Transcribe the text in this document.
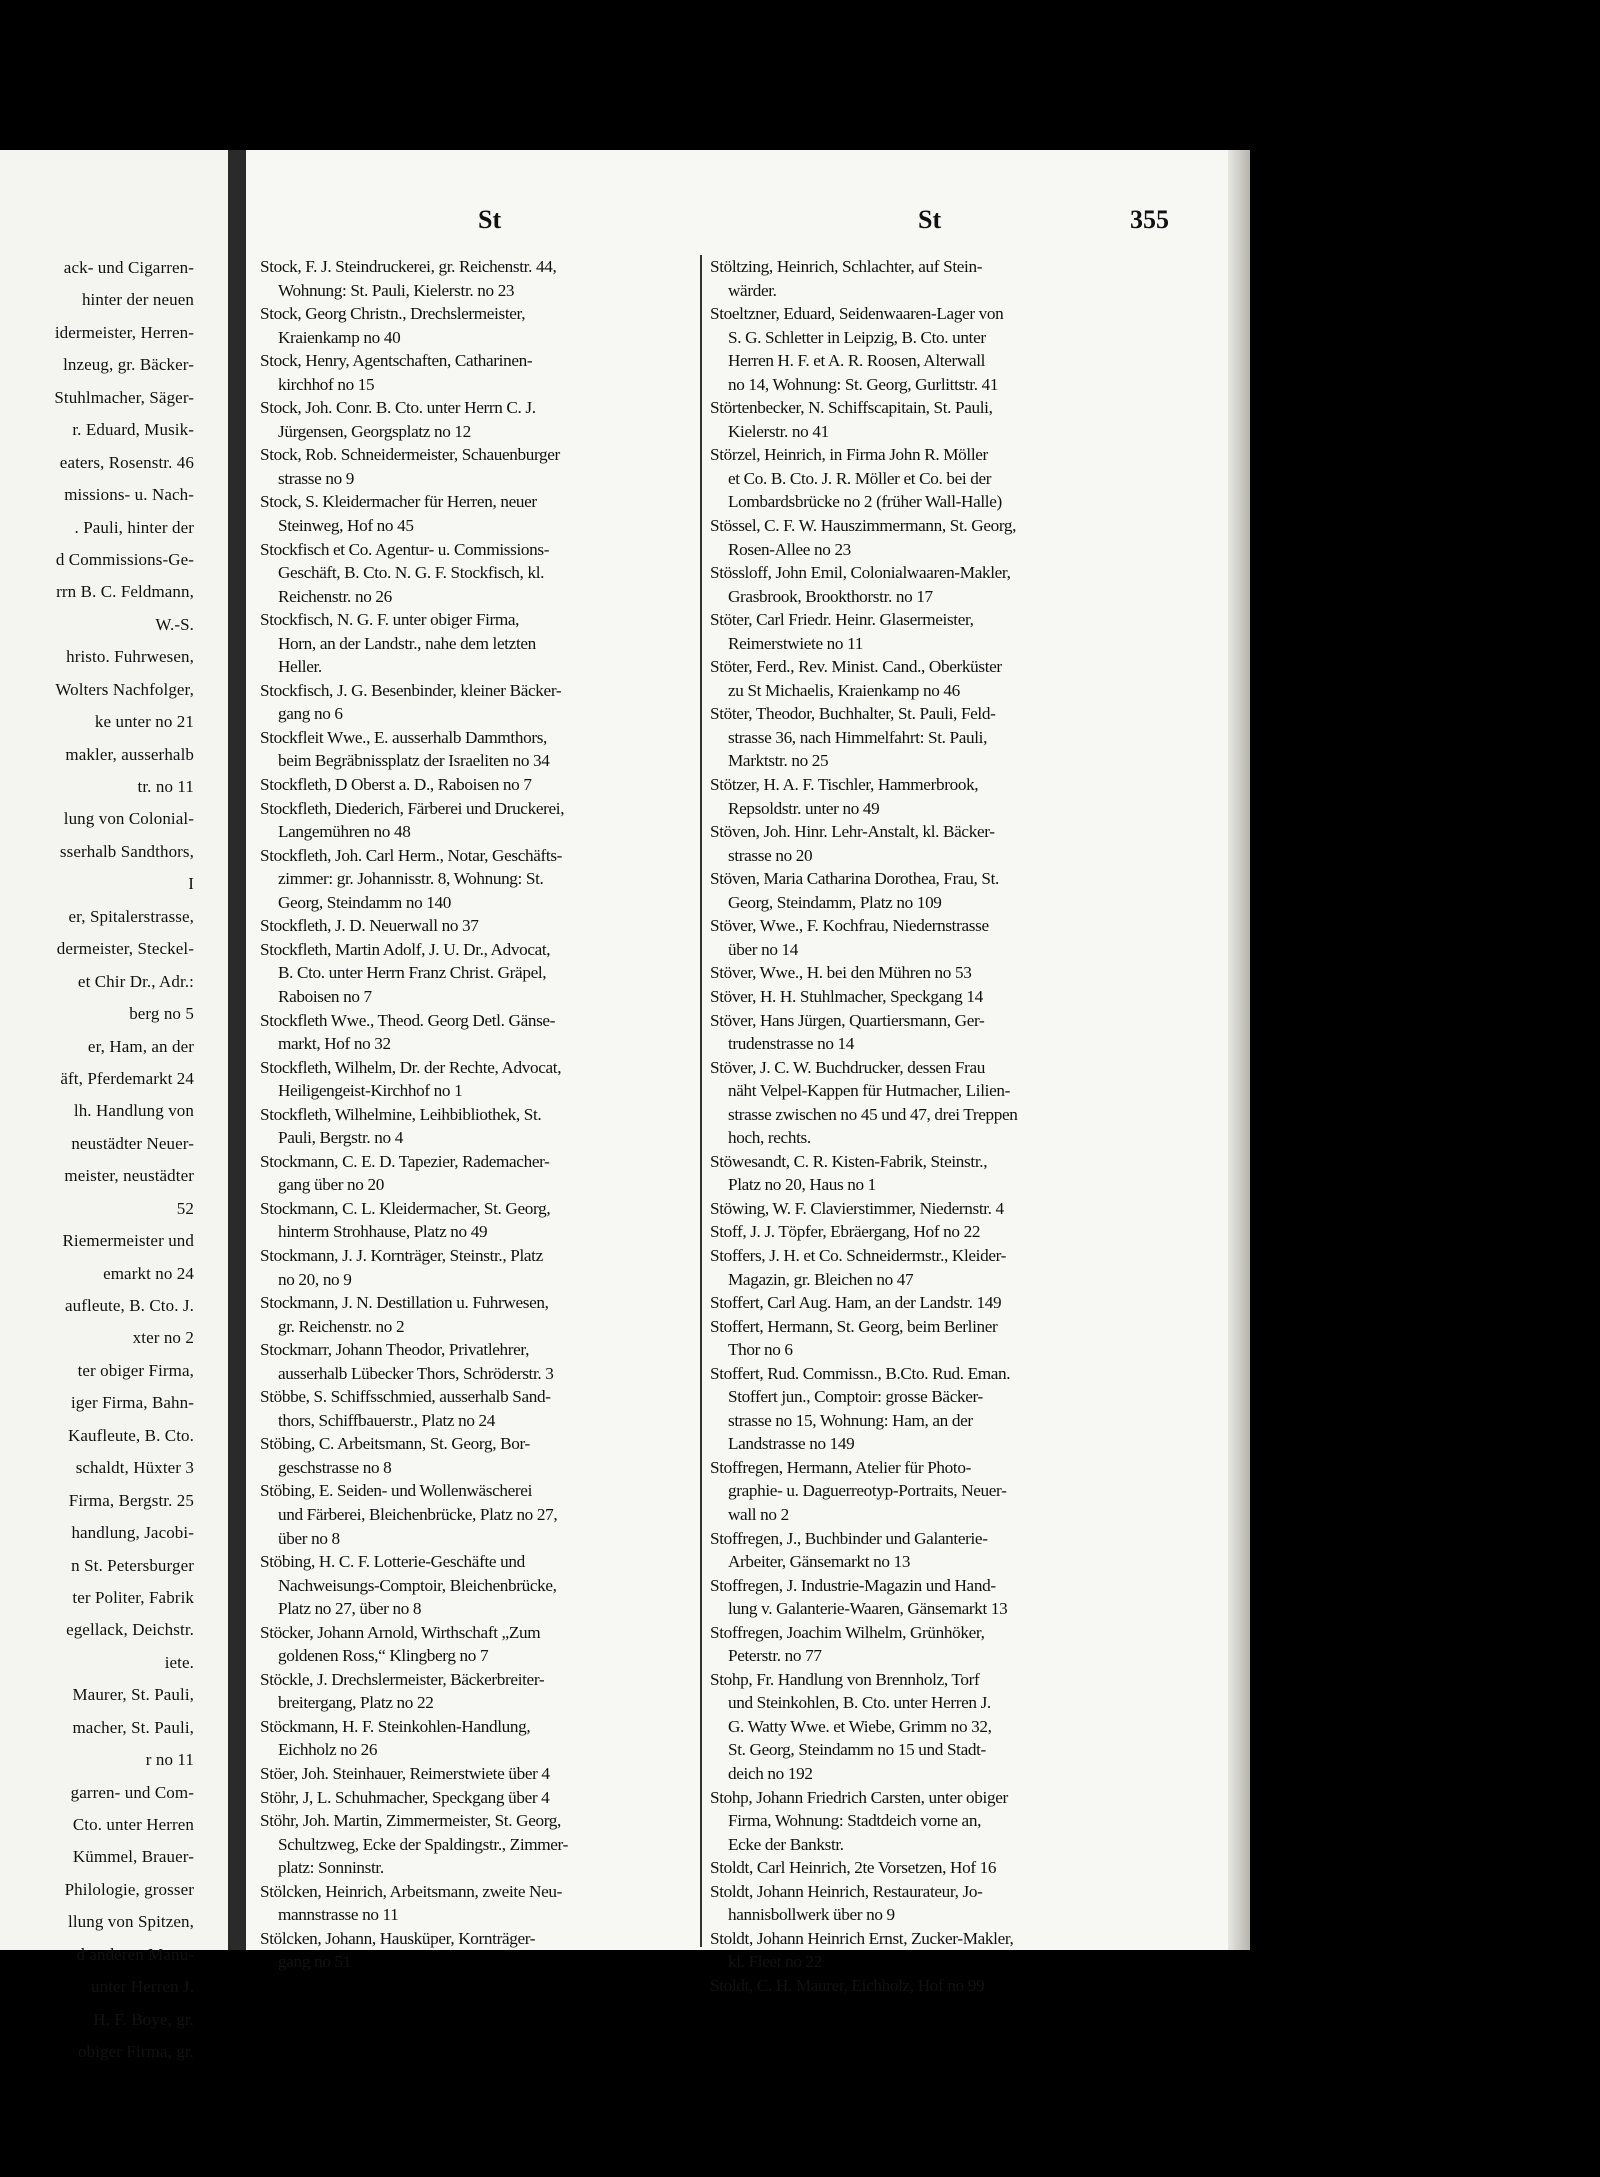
ack- und Cigarren-
hinter der neuen
idermeister, Herren-
lnzeug, gr. Bäcker-
Stuhlmacher, Säger-
r. Eduard, Musik-
eaters, Rosenstr. 46
missions- u. Nach-
. Pauli, hinter der
d Commissions-Ge-
rrn B. C. Feldmann,
W.-S.
hristo. Fuhrwesen,
Wolters Nachfolger,
ke unter no 21
makler, ausserhalb
tr. no 11
lung von Colonial-
sserhalb Sandthors,
I
er, Spitalerstrasse,
dermeister, Steckel-
et Chir Dr., Adr.:
berg no 5
er, Ham, an der
äft, Pferdemarkt 24
lh. Handlung von
neustädter Neuer-
meister, neustädter
52
Riemermeister und
emarkt no 24
aufleute, B. Cto. J.
xter no 2
ter obiger Firma,
iger Firma, Bahn-
Kaufleute, B. Cto.
schaldt, Hüxter 3
Firma, Bergstr. 25
handlung, Jacobi-
n St. Petersburger
ter Politer, Fabrik
egellack, Deichstr.
iete.
Maurer, St. Pauli,
macher, St. Pauli,
r no 11
garren- und Com-
Cto. unter Herren
Kümmel, Brauer-
Philologie, grosser
llung von Spitzen,
d anderen Manu-
unter Herren J.
H. F. Boye, gr.
obiger Firma, gr.
St	St	355
Stock, F. J. Steindruckerei, gr. Reichenstr. 44,
Wohnung: St. Pauli, Kielerstr. no 23
Stock, Georg Christn., Drechslermeister,
Kraienkamp no 40
Stock, Henry, Agentschaften, Catharinen-
kirchhof no 15
Stock, Joh. Conr. B. Cto. unter Herrn C. J.
Jürgensen, Georgsplatz no 12
Stock, Rob. Schneidermeister, Schauenburger
strasse no 9
Stock, S. Kleidermacher für Herren, neuer
Steinweg, Hof no 45
Stockfisch et Co. Agentur- u. Commissions-
Geschäft, B. Cto. N. G. F. Stockfisch, kl.
Reichenstr. no 26
Stockfisch, N. G. F. unter obiger Firma,
Horn, an der Landstr., nahe dem letzten
Heller.
Stockfisch, J. G. Besenbinder, kleiner Bäcker-
gang no 6
Stockfleit Wwe., E. ausserhalb Dammthors,
beim Begräbnissplatz der Israeliten no 34
Stockfleth, D Oberst a. D., Raboisen no 7
Stockfleth, Diederich, Färberei und Druckerei,
Langemühren no 48
Stockfleth, Joh. Carl Herm., Notar, Geschäfts-
zimmer: gr. Johannisstr. 8, Wohnung: St.
Georg, Steindamm no 140
Stockfleth, J. D. Neuerwall no 37
Stockfleth, Martin Adolf, J. U. Dr., Advocat,
B. Cto. unter Herrn Franz Christ. Gräpel,
Raboisen no 7
Stockfleth Wwe., Theod. Georg Detl. Gänse-
markt, Hof no 32
Stockfleth, Wilhelm, Dr. der Rechte, Advocat,
Heiligengeist-Kirchhof no 1
Stockfleth, Wilhelmine, Leihbibliothek, St.
Pauli, Bergstr. no 4
Stockmann, C. E. D. Tapezier, Rademacher-
gang über no 20
Stockmann, C. L. Kleidermacher, St. Georg,
hinterm Strohhause, Platz no 49
Stockmann, J. J. Kornträger, Steinstr., Platz
no 20, no 9
Stockmann, J. N. Destillation u. Fuhrwesen,
gr. Reichenstr. no 2
Stockmarr, Johann Theodor, Privatlehrer,
ausserhalb Lübecker Thors, Schröderstr. 3
Stöbbe, S. Schiffsschmied, ausserhalb Sand-
thors, Schiffbauerstr., Platz no 24
Stöbing, C. Arbeitsmann, St. Georg, Bor-
geschstrasse no 8
Stöbing, E. Seiden- und Wollenwäscherei
und Färberei, Bleichenbrücke, Platz no 27,
über no 8
Stöbing, H. C. F. Lotterie-Geschäfte und
Nachweisungs-Comptoir, Bleichenbrücke,
Platz no 27, über no 8
Stöcker, Johann Arnold, Wirthschaft „Zum
goldenen Ross,“ Klingberg no 7
Stöckle, J. Drechslermeister, Bäckerbreiter-
breitergang, Platz no 22
Stöckmann, H. F. Steinkohlen-Handlung,
Eichholz no 26
Stöer, Joh. Steinhauer, Reimerstwiete über 4
Stöhr, J, L. Schuhmacher, Speckgang über 4
Stöhr, Joh. Martin, Zimmermeister, St. Georg,
Schultzweg, Ecke der Spaldingstr., Zimmer-
platz: Sonninstr.
Stölcken, Heinrich, Arbeitsmann, zweite Neu-
mannstrasse no 11
Stölcken, Johann, Hausküper, Kornträger-
gang no 51
Stöltzing, Heinrich, Schlachter, auf Stein-
wärder.
Stoeltzner, Eduard, Seidenwaaren-Lager von
S. G. Schletter in Leipzig, B. Cto. unter
Herren H. F. et A. R. Roosen, Alterwall
no 14, Wohnung: St. Georg, Gurlittstr. 41
Störtenbecker, N. Schiffscapitain, St. Pauli,
Kielerstr. no 41
Störzel, Heinrich, in Firma John R. Möller
et Co. B. Cto. J. R. Möller et Co. bei der
Lombardsbrücke no 2 (früher Wall-Halle)
Stössel, C. F. W. Hauszimmermann, St. Georg,
Rosen-Allee no 23
Stössloff, John Emil, Colonialwaaren-Makler,
Grasbrook, Brookthorstr. no 17
Stöter, Carl Friedr. Heinr. Glasermeister,
Reimerstwiete no 11
Stöter, Ferd., Rev. Minist. Cand., Oberküster
zu St Michaelis, Kraienkamp no 46
Stöter, Theodor, Buchhalter, St. Pauli, Feld-
strasse 36, nach Himmelfahrt: St. Pauli,
Marktstr. no 25
Stötzer, H. A. F. Tischler, Hammerbrook,
Repsoldstr. unter no 49
Stöven, Joh. Hinr. Lehr-Anstalt, kl. Bäcker-
strasse no 20
Stöven, Maria Catharina Dorothea, Frau, St.
Georg, Steindamm, Platz no 109
Stöver, Wwe., F. Kochfrau, Niedernstrasse
über no 14
Stöver, Wwe., H. bei den Mühren no 53
Stöver, H. H. Stuhlmacher, Speckgang 14
Stöver, Hans Jürgen, Quartiersmann, Ger-
trudenstrasse no 14
Stöver, J. C. W. Buchdrucker, dessen Frau
näht Velpel-Kappen für Hutmacher, Lilien-
strasse zwischen no 45 und 47, drei Treppen
hoch, rechts.
Stöwesandt, C. R. Kisten-Fabrik, Steinstr.,
Platz no 20, Haus no 1
Stöwing, W. F. Clavierstimmer, Niedernstr. 4
Stoff, J. J. Töpfer, Ebräergang, Hof no 22
Stoffers, J. H. et Co. Schneidermstr., Kleider-
Magazin, gr. Bleichen no 47
Stoffert, Carl Aug. Ham, an der Landstr. 149
Stoffert, Hermann, St. Georg, beim Berliner
Thor no 6
Stoffert, Rud. Commissn., B.Cto. Rud. Eman.
Stoffert jun., Comptoir: grosse Bäcker-
strasse no 15, Wohnung: Ham, an der
Landstrasse no 149
Stoffregen, Hermann, Atelier für Photo-
graphie- u. Daguerreotyp-Portraits, Neuer-
wall no 2
Stoffregen, J., Buchbinder und Galanterie-
Arbeiter, Gänsemarkt no 13
Stoffregen, J. Industrie-Magazin und Hand-
lung v. Galanterie-Waaren, Gänsemarkt 13
Stoffregen, Joachim Wilhelm, Grünhöker,
Peterstr. no 77
Stohp, Fr. Handlung von Brennholz, Torf
und Steinkohlen, B. Cto. unter Herren J.
G. Watty Wwe. et Wiebe, Grimm no 32,
St. Georg, Steindamm no 15 und Stadt-
deich no 192
Stohp, Johann Friedrich Carsten, unter obiger
Firma, Wohnung: Stadtdeich vorne an,
Ecke der Bankstr.
Stoldt, Carl Heinrich, 2te Vorsetzen, Hof 16
Stoldt, Johann Heinrich, Restaurateur, Jo-
hannisbollwerk über no 9
Stoldt, Johann Heinrich Ernst, Zucker-Makler,
kl. Fleet no 22
Stoldt, C. H. Maurer, Eichholz, Hof no 99
